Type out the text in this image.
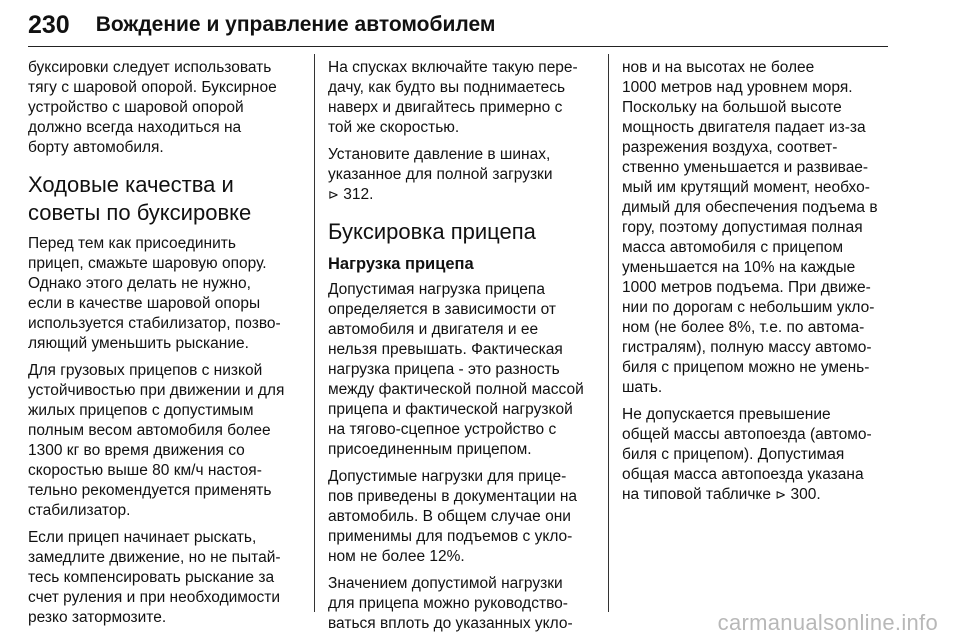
230 Вождение и управление автомобилем

буксировки следует использовать
тягу с шаровой опорой. Буксирное
устройство с шаровой опорой
должно всегда находиться на
борту автомобиля.

Ходовые качества и
советы по буксировке

Перед тем как присоединить
прицеп, смажьте шаровую опору.
Однако этого делать не нужно,
если в качестве шаровой опоры
используется стабилизатор, позво-
ляющий уменьшить рыскание.

Для грузовых прицепов с низкой
устойчивостью при движении и для
жилых прицепов с допустимым
полным весом автомобиля более
1300 кг во время движения со
скоростью выше 80 км/ч настоя-
тельно рекомендуется применять
стабилизатор.

Если прицеп начинает рыскать,
замедлите движение, но не пытай-
тесь компенсировать рыскание за
счет руления и при необходимости
резко затормозите.

На спусках включайте такую пере-
дачу, как будто вы поднимаетесь
наверх и двигайтесь примерно с
той же скоростью.

Установите давление в шинах,
указанное для полной загрузки
⊳ 312.

Буксировка прицепа
Нагрузка прицепа

Допустимая нагрузка прицепа
определяется в зависимости от
автомобиля и двигателя и ее
нельзя превышать. Фактическая
нагрузка прицепа - это разность
между фактической полной массой
прицепа и фактической нагрузкой
на тягово-сцепное устройство с
присоединенным прицепом.

Допустимые нагрузки для прице-
пов приведены в документации на
автомобиль. В общем случае они
применимы для подъемов с укло-
ном не более 12%.

Значением допустимой нагрузки
для прицепа можно руководство-
ваться вплоть до указанных укло-

нов и на высотах не более
1000 метров над уровнем моря.
Поскольку на большой высоте
мощность двигателя падает из-за
разрежения воздуха, соответ-
ственно уменьшается и развивае-
мый им крутящий момент, необхо-
димый для обеспечения подъема в
гору, поэтому допустимая полная
масса автомобиля с прицепом
уменьшается на 10% на каждые
1000 метров подъема. При движе-
нии по дорогам с небольшим укло-
ном (не более 8%, т.е. по автома-
гистралям), полную массу автомо-
биля с прицепом можно не умень-
шать.

Не допускается превышение
общей массы автопоезда (автомо-
биля с прицепом). Допустимая
общая масса автопоезда указана
на типовой табличке ⊳ 300.

carmanualsonline.info
